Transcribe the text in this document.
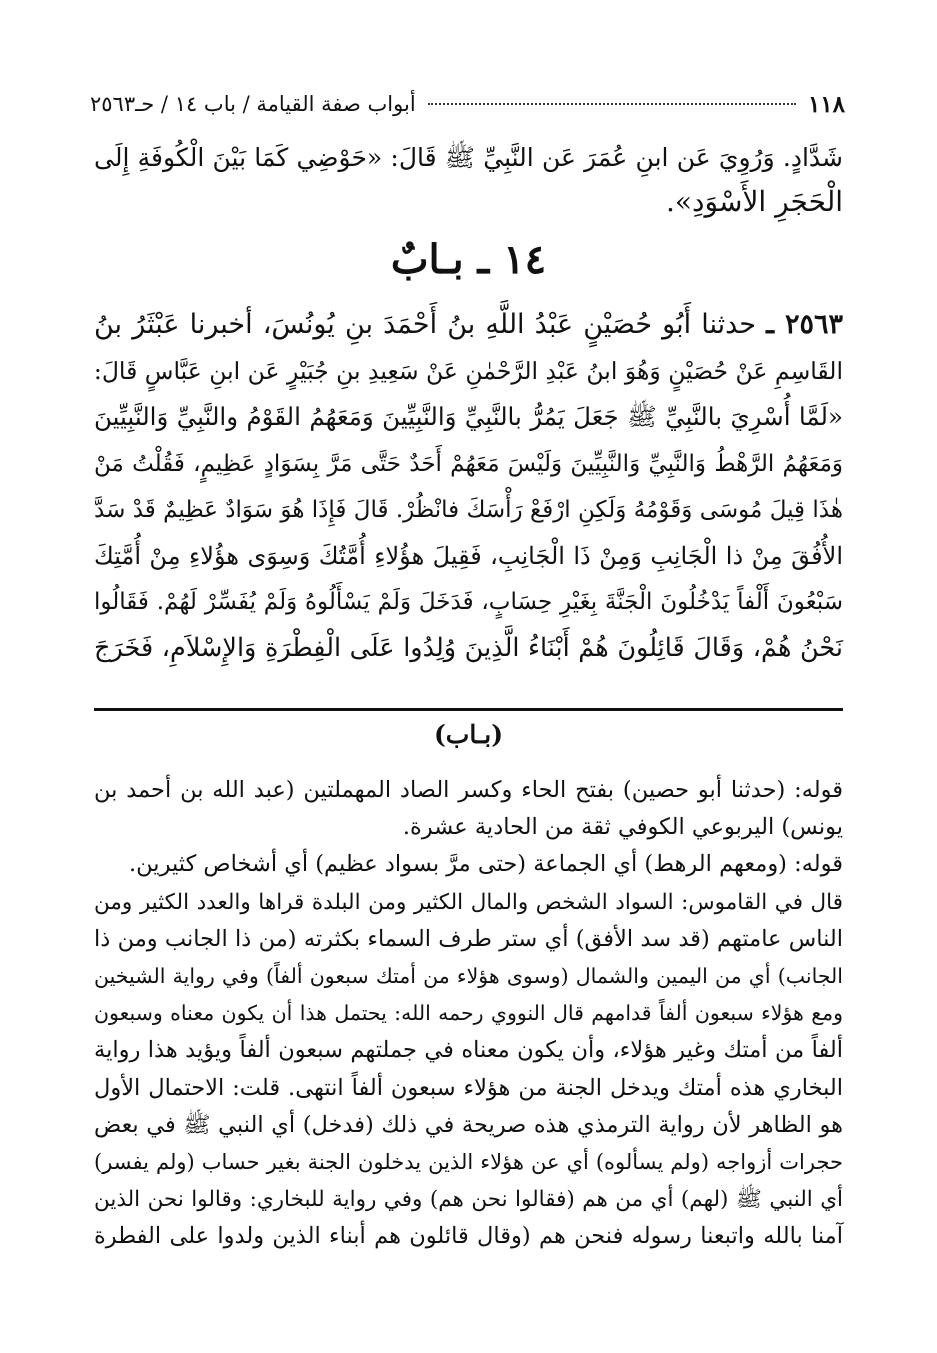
١١٨
أبواب صفة القيامة / باب ١٤ / حـ٢٥٦٣
شَدَّادٍ. وَرُوِيَ عَن ابنِ عُمَرَ عَن النَّبِيِّ ﷺ قَالَ: «حَوْضِي كَمَا بَيْنَ الْكُوفَةِ إِلَى
الْحَجَرِ الأَسْوَدِ».
١٤ ـ بـابٌ
٢٥٦٣ ـ حدثنا أَبُو حُصَيْنٍ عَبْدُ اللَّهِ بنُ أَحْمَدَ بنِ يُونُسَ، أخبرنا عَبْثَرُ بنُ
القَاسِمِ عَنْ حُصَيْنٍ وَهُوَ ابنُ عَبْدِ الرَّحْمٰنِ عَنْ سَعِيدِ بنِ جُبَيْرٍ عَن ابنِ عَبَّاسٍ قَالَ:
«لَمَّا أُسْرِيَ بالنَّبِيِّ ﷺ جَعَلَ يَمُرُّ بالنَّبِيِّ وَالنَّبِيِّينَ وَمَعَهُمُ القَوْمُ والنَّبِيِّ وَالنَّبِيِّينَ
وَمَعَهُمُ الرَّهْطُ وَالنَّبِيِّ وَالنَّبِيِّينَ وَلَيْسَ مَعَهُمْ أَحَدٌ حَتَّى مَرَّ بِسَوَادٍ عَظِيمٍ، فَقُلْتُ مَنْ
هٰذَا قِيلَ مُوسَى وَقَوْمُهُ وَلَكِنِ ارْفَعْ رَأْسَكَ فانْظُرْ. قَالَ فَإِذَا هُوَ سَوَادٌ عَظِيمٌ قَدْ سَدَّ
الأُفُقَ مِنْ ذا الْجَانِبِ وَمِنْ ذَا الْجَانِبِ، فَقِيلَ هؤُلاءِ أُمَّتُكَ وَسِوَى هؤُلاءِ مِنْ أُمَّتِكَ
سَبْعُونَ أَلْفاً يَدْخُلُونَ الْجَنَّةَ بِغَيْرِ حِسَابٍ، فَدَخَلَ وَلَمْ يَسْأَلُوهُ وَلَمْ يُفَسِّرْ لَهُمْ. فَقَالُوا
نَحْنُ هُمْ، وَقَالَ قَائِلُونَ هُمْ أَبْنَاءُ الَّذِينَ وُلِدُوا عَلَى الْفِطْرَةِ وَالإِسْلاَمِ، فَخَرَجَ
(بـاب)
قوله: (حدثنا أبو حصين) بفتح الحاء وكسر الصاد المهملتين (عبد الله بن أحمد بن
يونس) اليربوعي الكوفي ثقة من الحادية عشرة.
قوله: (ومعهم الرهط) أي الجماعة (حتى مرَّ بسواد عظيم) أي أشخاص كثيرين.
قال في القاموس: السواد الشخص والمال الكثير ومن البلدة قراها والعدد الكثير ومن
الناس عامتهم (قد سد الأفق) أي ستر طرف السماء بكثرته (من ذا الجانب ومن ذا
الجانب) أي من اليمين والشمال (وسوى هؤلاء من أمتك سبعون ألفاً) وفي رواية الشيخين
ومع هؤلاء سبعون ألفاً قدامهم قال النووي رحمه الله: يحتمل هذا أن يكون معناه وسبعون
ألفاً من أمتك وغير هؤلاء، وأن يكون معناه في جملتهم سبعون ألفاً ويؤيد هذا رواية
البخاري هذه أمتك ويدخل الجنة من هؤلاء سبعون ألفاً انتهى. قلت: الاحتمال الأول
هو الظاهر لأن رواية الترمذي هذه صريحة في ذلك (فدخل) أي النبي ﷺ في بعض
حجرات أزواجه (ولم يسألوه) أي عن هؤلاء الذين يدخلون الجنة بغير حساب (ولم يفسر)
أي النبي ﷺ (لهم) أي من هم (فقالوا نحن هم) وفي رواية للبخاري: وقالوا نحن الذين
آمنا بالله واتبعنا رسوله فنحن هم (وقال قائلون هم أبناء الذين ولدوا على الفطرة
